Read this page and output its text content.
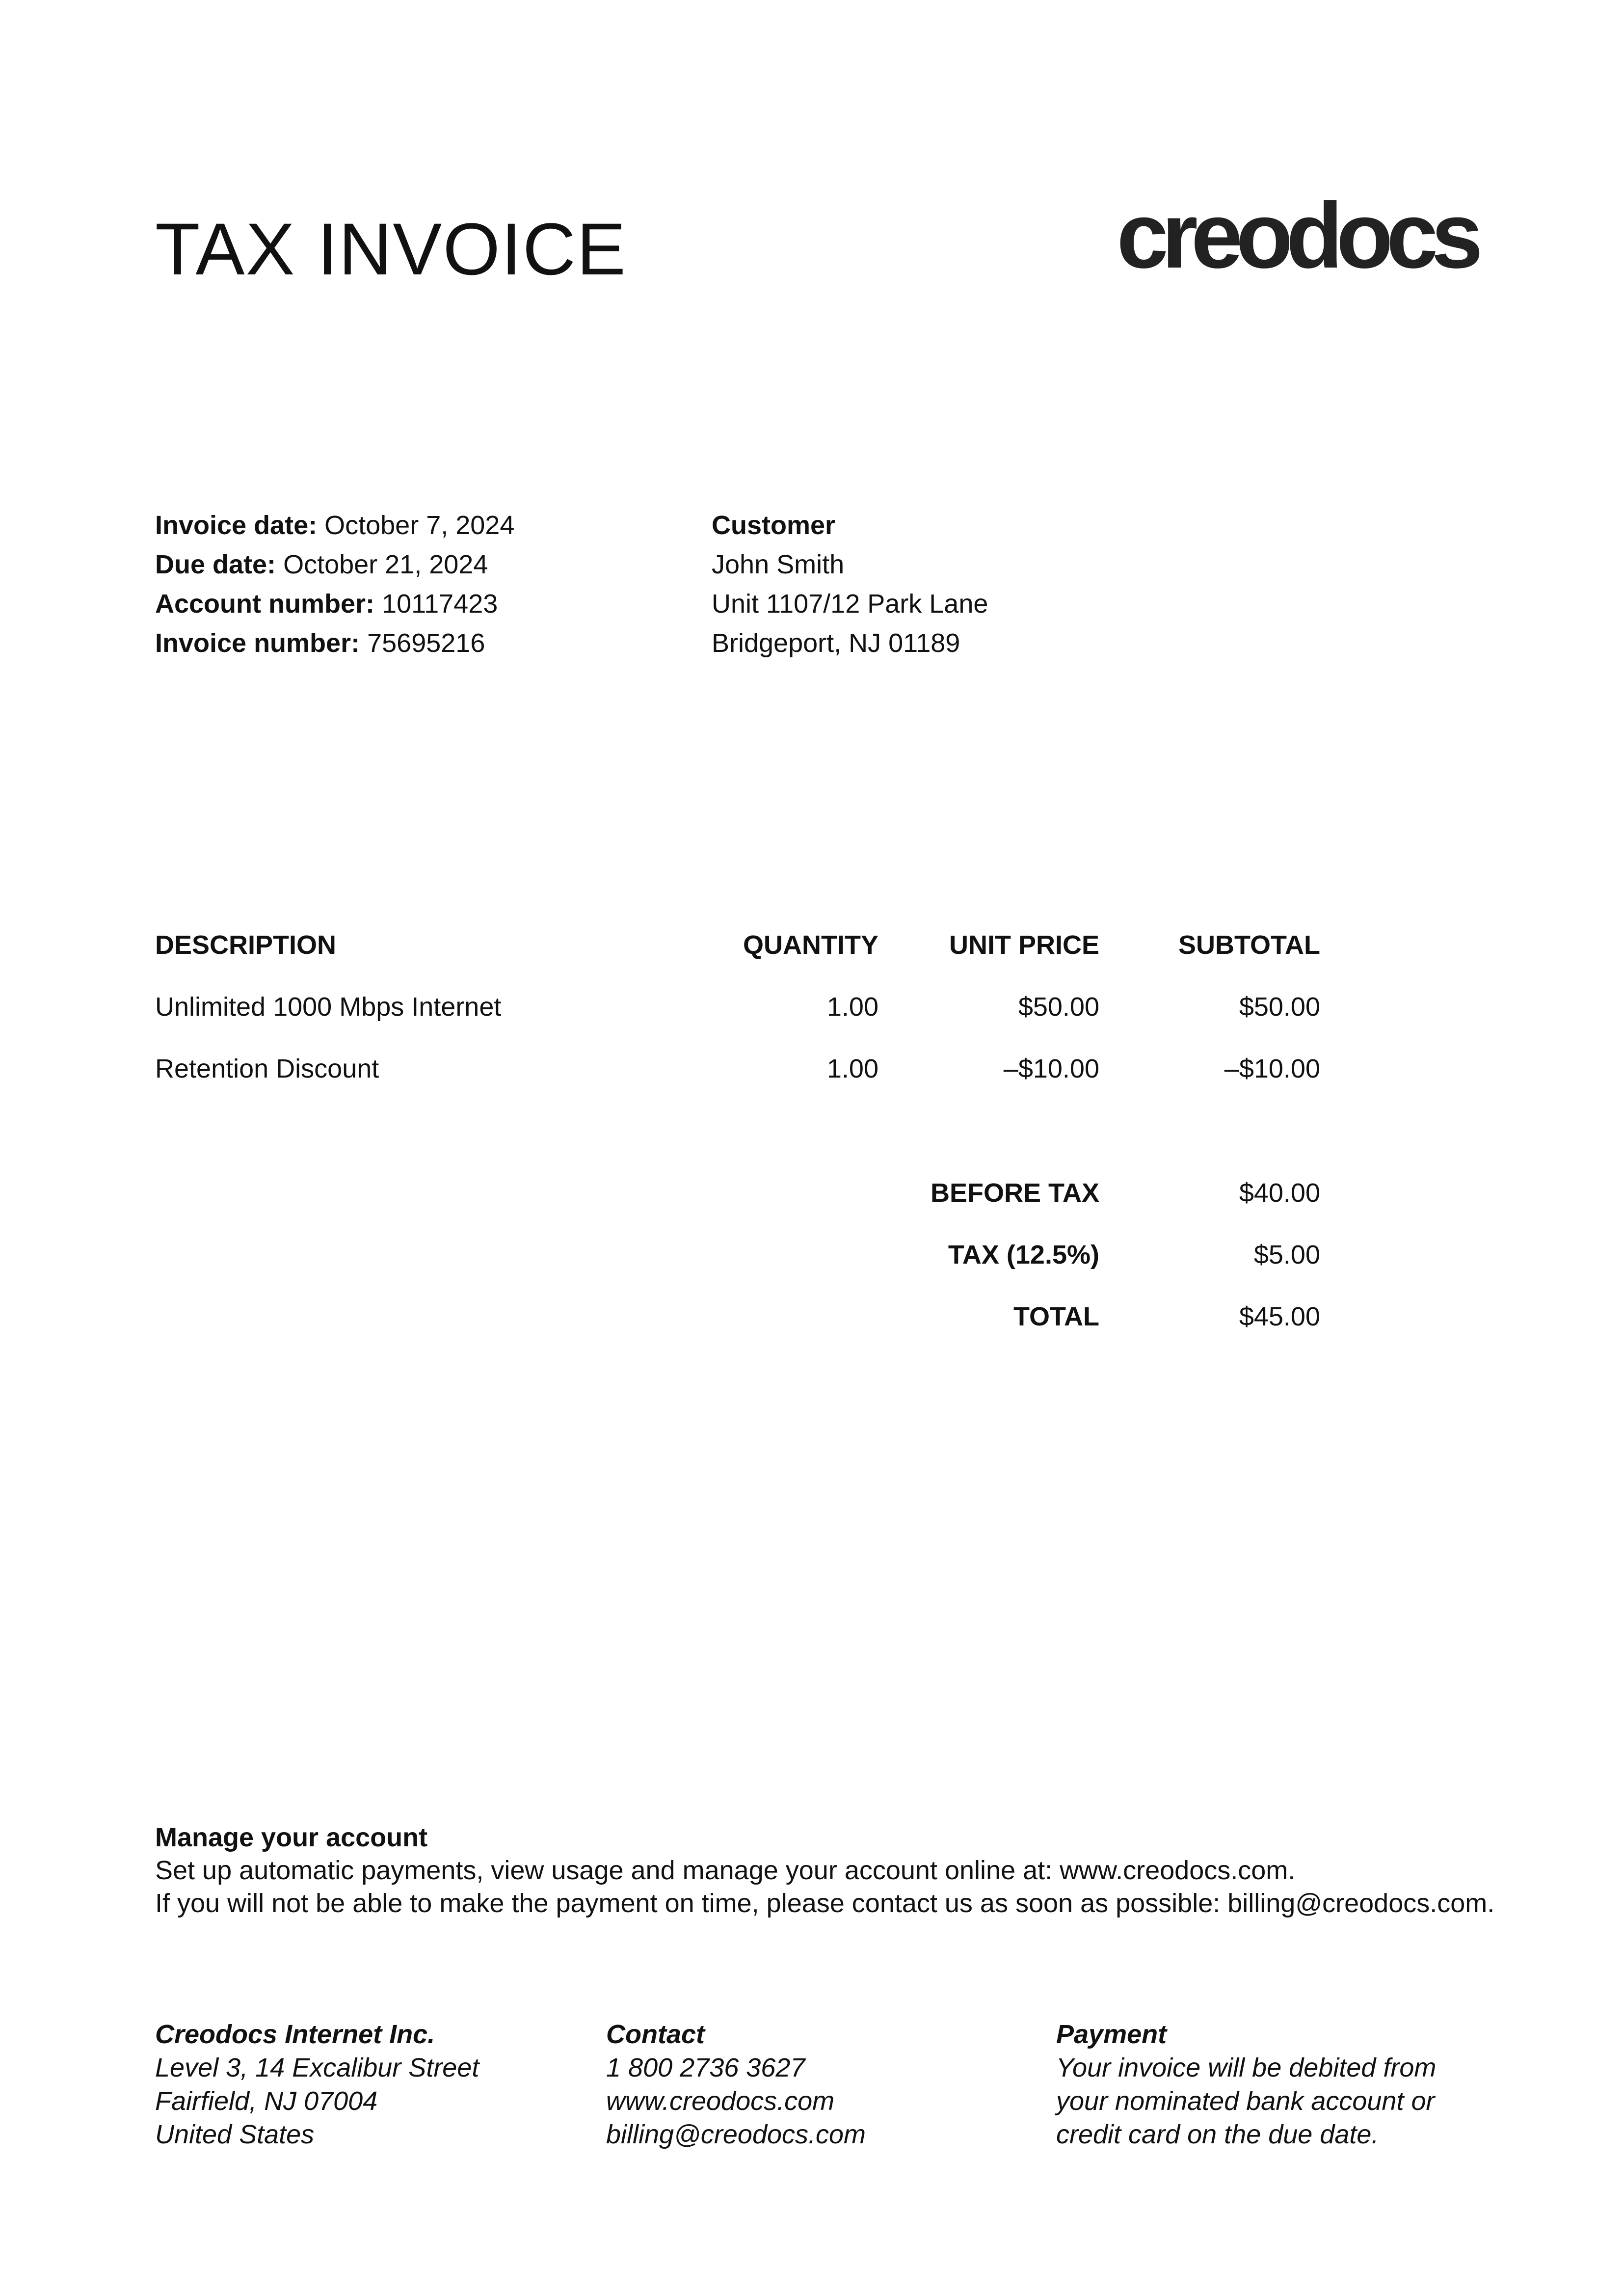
TAX INVOICE	creodocs
Invoice date: October 7, 2024
Due date: October 21, 2024
Account number: 10117423
Invoice number: 75695216
Customer
John Smith
Unit 1107/12 Park Lane
Bridgeport, NJ 01189
DESCRIPTION	QUANTITY	UNIT PRICE	SUBTOTAL
Unlimited 1000 Mbps Internet	1.00	$50.00	$50.00
Retention Discount	1.00	–$10.00	–$10.00
BEFORE TAX	$40.00
TAX (12.5%)	$5.00
TOTAL	$45.00
Manage your account
Set up automatic payments, view usage and manage your account online at: www.creodocs.com.
If you will not be able to make the payment on time, please contact us as soon as possible: billing@creodocs.com.
Creodocs Internet Inc.
Level 3, 14 Excalibur Street
Fairfield, NJ 07004
United States
Contact
1 800 2736 3627
www.creodocs.com
billing@creodocs.com
Payment
Your invoice will be debited from
your nominated bank account or
credit card on the due date.
